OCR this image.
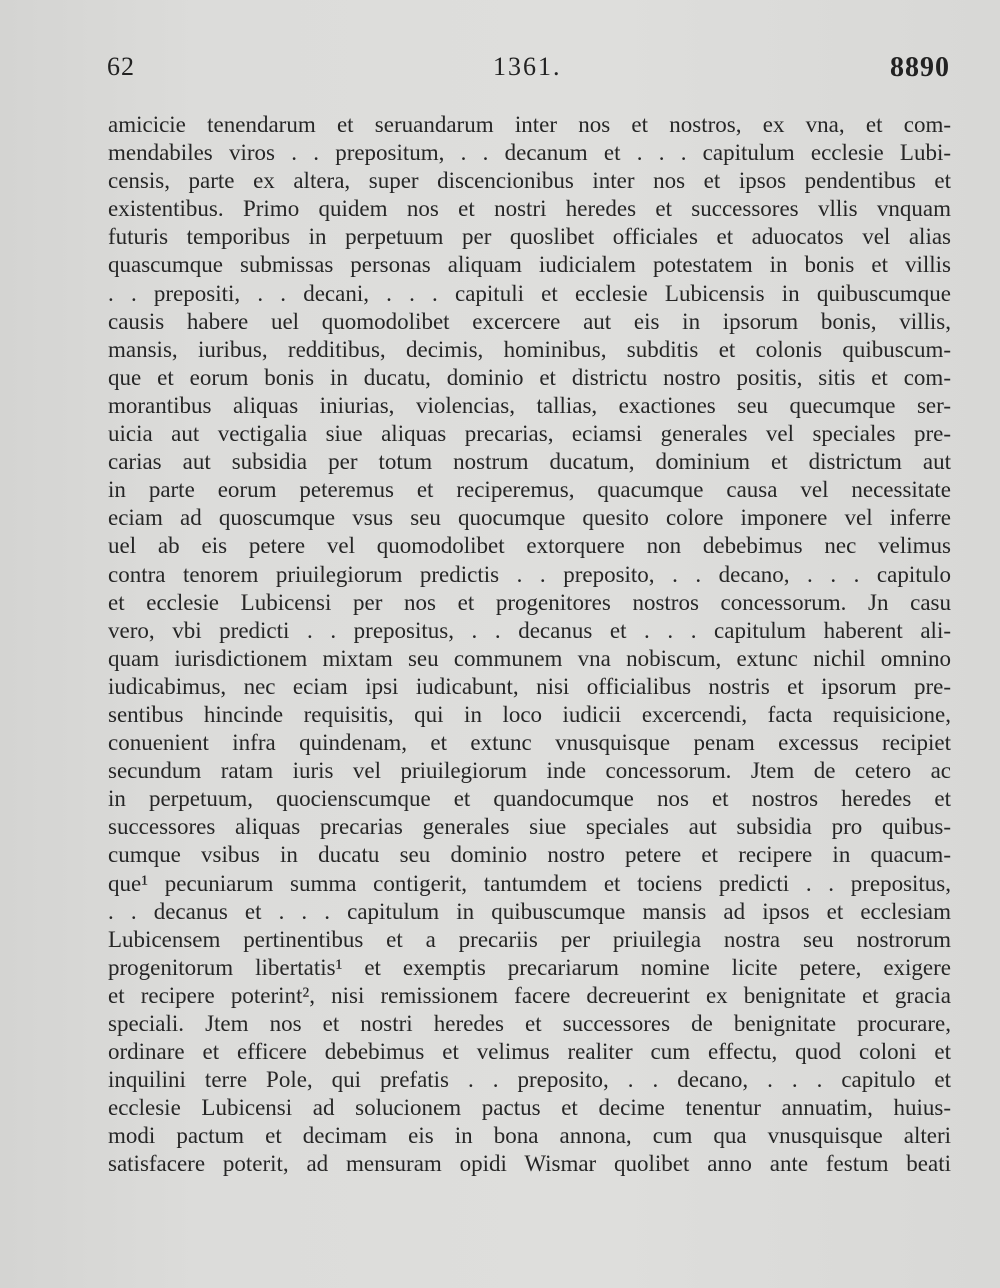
62	1361.	8890
amicicie tenendarum et seruandarum inter nos et nostros, ex vna, et com-
mendabiles viros . . prepositum, . . decanum et . . . capitulum ecclesie Lubi-
censis, parte ex altera, super discencionibus inter nos et ipsos pendentibus et
existentibus. Primo quidem nos et nostri heredes et successores vllis vnquam
futuris temporibus in perpetuum per quoslibet officiales et aduocatos vel alias
quascumque submissas personas aliquam iudicialem potestatem in bonis et villis
. . prepositi, . . decani, . . . capituli et ecclesie Lubicensis in quibuscumque
causis habere uel quomodolibet excercere aut eis in ipsorum bonis, villis,
mansis, iuribus, redditibus, decimis, hominibus, subditis et colonis quibuscum-
que et eorum bonis in ducatu, dominio et districtu nostro positis, sitis et com-
morantibus aliquas iniurias, violencias, tallias, exactiones seu quecumque ser-
uicia aut vectigalia siue aliquas precarias, eciamsi generales vel speciales pre-
carias aut subsidia per totum nostrum ducatum, dominium et districtum aut
in parte eorum peteremus et reciperemus, quacumque causa vel necessitate
eciam ad quoscumque vsus seu quocumque quesito colore imponere vel inferre
uel ab eis petere vel quomodolibet extorquere non debebimus nec velimus
contra tenorem priuilegiorum predictis . . preposito, . . decano, . . . capitulo
et ecclesie Lubicensi per nos et progenitores nostros concessorum. Jn casu
vero, vbi predicti . . prepositus, . . decanus et . . . capitulum haberent ali-
quam iurisdictionem mixtam seu communem vna nobiscum, extunc nichil omnino
iudicabimus, nec eciam ipsi iudicabunt, nisi officialibus nostris et ipsorum pre-
sentibus hincinde requisitis, qui in loco iudicii excercendi, facta requisicione,
conuenient infra quindenam, et extunc vnusquisque penam excessus recipiet
secundum ratam iuris vel priuilegiorum inde concessorum. Jtem de cetero ac
in perpetuum, quocienscumque et quandocumque nos et nostros heredes et
successores aliquas precarias generales siue speciales aut subsidia pro quibus-
cumque vsibus in ducatu seu dominio nostro petere et recipere in quacum-
que¹ pecuniarum summa contigerit, tantumdem et tociens predicti . . prepositus,
. . decanus et . . . capitulum in quibuscumque mansis ad ipsos et ecclesiam
Lubicensem pertinentibus et a precariis per priuilegia nostra seu nostrorum
progenitorum libertatis¹ et exemptis precariarum nomine licite petere, exigere
et recipere poterint², nisi remissionem facere decreuerint ex benignitate et gracia
speciali. Jtem nos et nostri heredes et successores de benignitate procurare,
ordinare et efficere debebimus et velimus realiter cum effectu, quod coloni et
inquilini terre Pole, qui prefatis . . preposito, . . decano, . . . capitulo et
ecclesie Lubicensi ad solucionem pactus et decime tenentur annuatim, huius-
modi pactum et decimam eis in bona annona, cum qua vnusquisque alteri
satisfacere poterit, ad mensuram opidi Wismar quolibet anno ante festum beati
